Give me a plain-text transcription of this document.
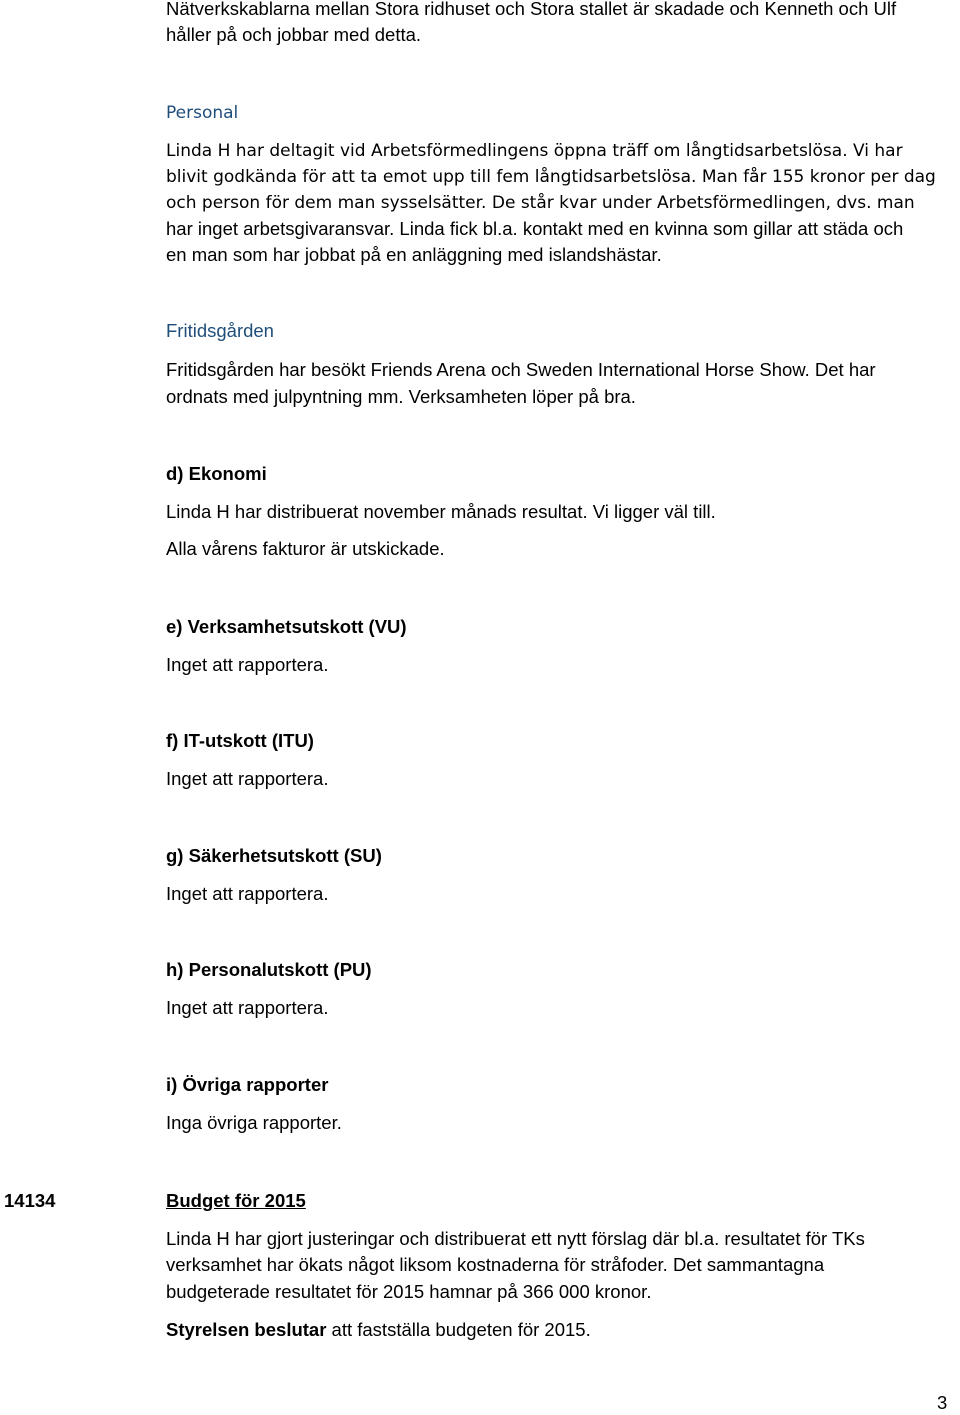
Nätverkskablarna mellan Stora ridhuset och Stora stallet är skadade och Kenneth och Ulf
håller på och jobbar med detta.
Personal
Linda H har deltagit vid Arbetsförmedlingens öppna träff om långtidsarbetslösa. Vi har
blivit godkända för att ta emot upp till fem långtidsarbetslösa. Man får 155 kronor per dag
och person för dem man sysselsätter. De står kvar under Arbetsförmedlingen, dvs. man
har inget arbetsgivaransvar. Linda fick bl.a. kontakt med en kvinna som gillar att städa och
en man som har jobbat på en anläggning med islandshästar.
Fritidsgården
Fritidsgården har besökt Friends Arena och Sweden International Horse Show. Det har
ordnats med julpyntning mm. Verksamheten löper på bra.
d) Ekonomi
Linda H har distribuerat november månads resultat. Vi ligger väl till.
Alla vårens fakturor är utskickade.
e) Verksamhetsutskott (VU)
Inget att rapportera.
f) IT-utskott (ITU)
Inget att rapportera.
g) Säkerhetsutskott (SU)
Inget att rapportera.
h) Personalutskott (PU)
Inget att rapportera.
i) Övriga rapporter
Inga övriga rapporter.
14134	Budget för 2015
Linda H har gjort justeringar och distribuerat ett nytt förslag där bl.a. resultatet för TKs
verksamhet har ökats något liksom kostnaderna för stråfoder. Det sammantagna
budgeterade resultatet för 2015 hamnar på 366 000 kronor.
Styrelsen beslutar att fastställa budgeten för 2015.
3
